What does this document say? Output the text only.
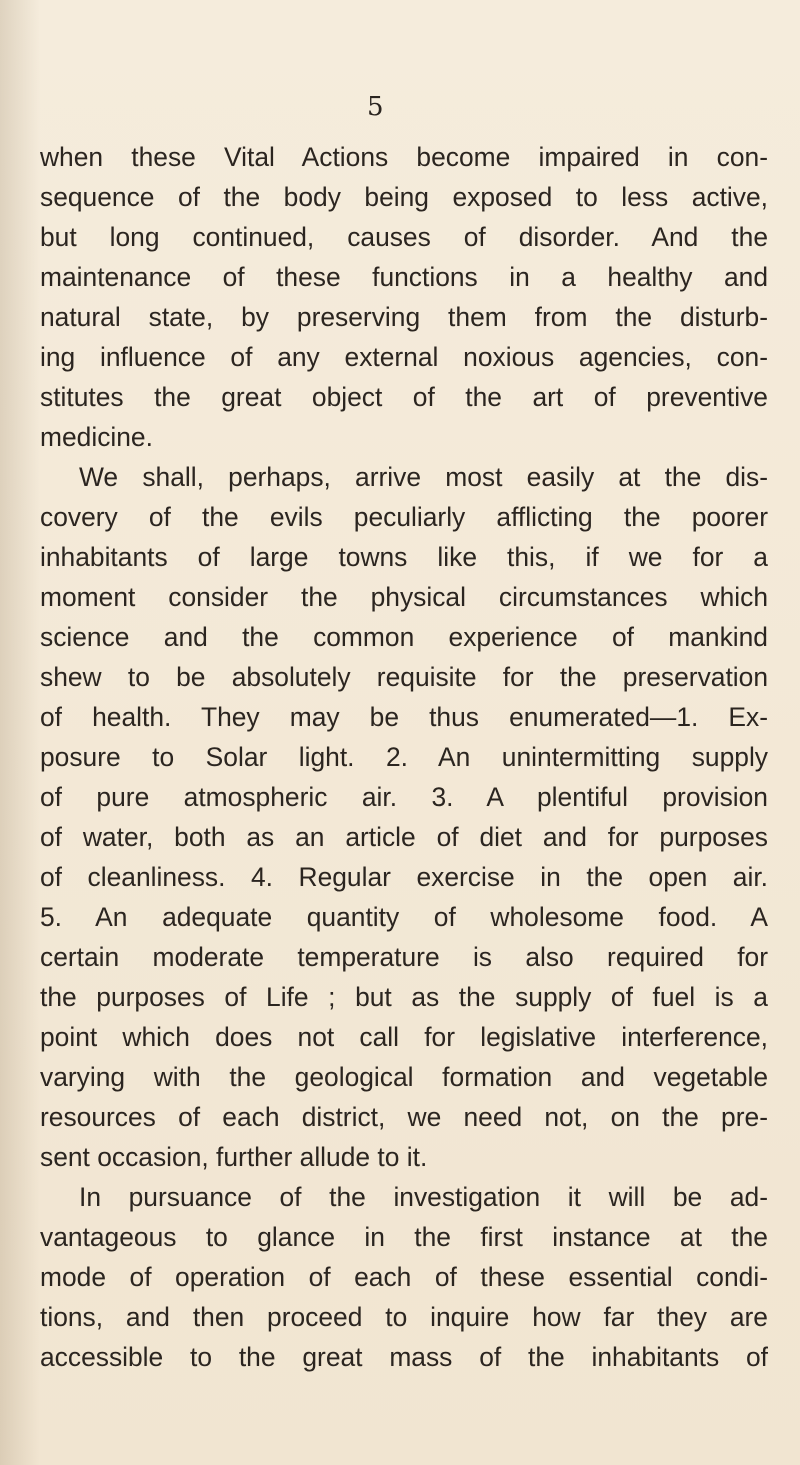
5
when these Vital Actions become impaired in con-
sequence of the body being exposed to less active,
but long continued, causes of disorder. And the
maintenance of these functions in a healthy and
natural state, by preserving them from the disturb-
ing influence of any external noxious agencies, con-
stitutes the great object of the art of preventive
medicine.
We shall, perhaps, arrive most easily at the dis-
covery of the evils peculiarly afflicting the poorer
inhabitants of large towns like this, if we for a
moment consider the physical circumstances which
science and the common experience of mankind
shew to be absolutely requisite for the preservation
of health. They may be thus enumerated—1. Ex-
posure to Solar light. 2. An unintermitting supply
of pure atmospheric air. 3. A plentiful provision
of water, both as an article of diet and for purposes
of cleanliness. 4. Regular exercise in the open air.
5. An adequate quantity of wholesome food. A
certain moderate temperature is also required for
the purposes of Life ; but as the supply of fuel is a
point which does not call for legislative interference,
varying with the geological formation and vegetable
resources of each district, we need not, on the pre-
sent occasion, further allude to it.
In pursuance of the investigation it will be ad-
vantageous to glance in the first instance at the
mode of operation of each of these essential condi-
tions, and then proceed to inquire how far they are
accessible to the great mass of the inhabitants of
